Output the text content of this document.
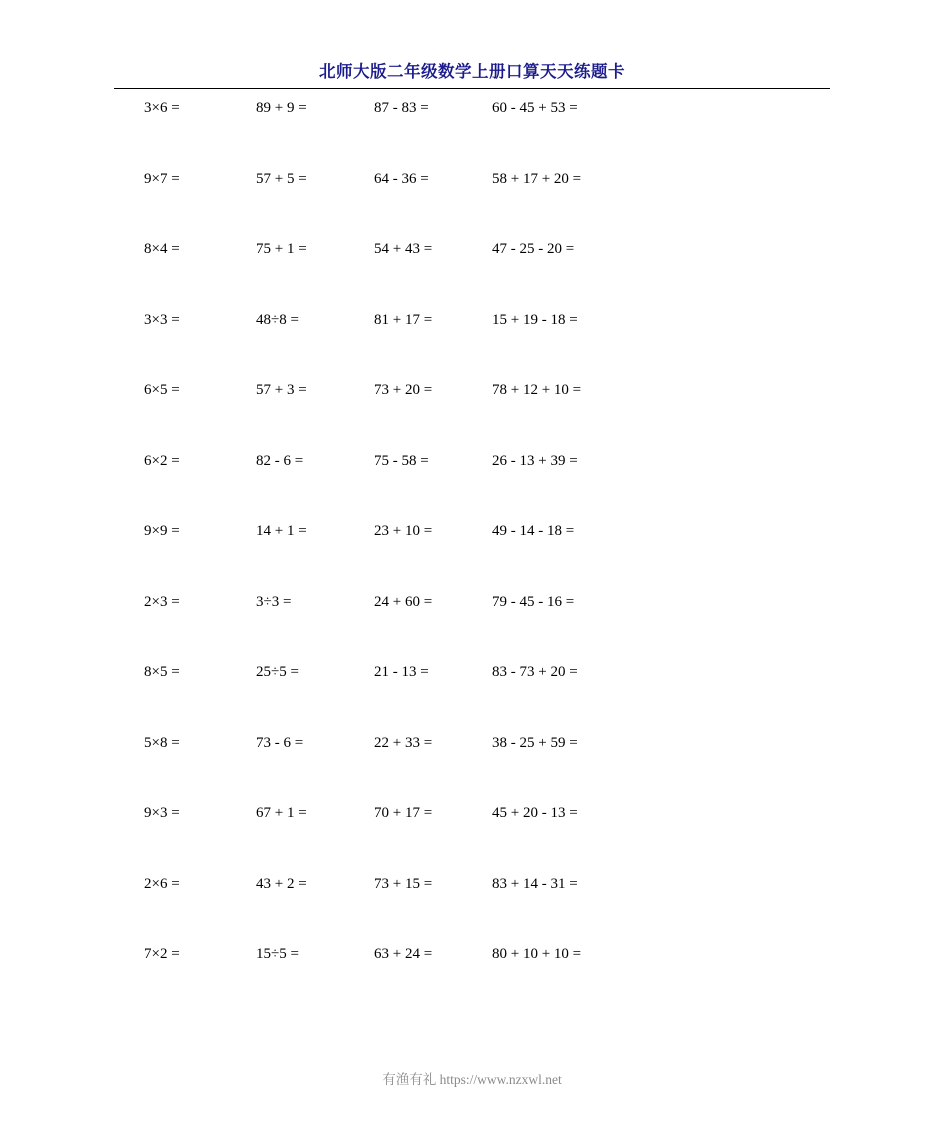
北师大版二年级数学上册口算天天练题卡
3×6 =	89 + 9 =	87 - 83 =	60 - 45 + 53 =
9×7 =	57 + 5 =	64 - 36 =	58 + 17 + 20 =
8×4 =	75 + 1 =	54 + 43 =	47 - 25 - 20 =
3×3 =	48÷8 =	81 + 17 =	15 + 19 - 18 =
6×5 =	57 + 3 =	73 + 20 =	78 + 12 + 10 =
6×2 =	82 - 6 =	75 - 58 =	26 - 13 + 39 =
9×9 =	14 + 1 =	23 + 10 =	49 - 14 - 18 =
2×3 =	3÷3 =	24 + 60 =	79 - 45 - 16 =
8×5 =	25÷5 =	21 - 13 =	83 - 73 + 20 =
5×8 =	73 - 6 =	22 + 33 =	38 - 25 + 59 =
9×3 =	67 + 1 =	70 + 17 =	45 + 20 - 13 =
2×6 =	43 + 2 =	73 + 15 =	83 + 14 - 31 =
7×2 =	15÷5 =	63 + 24 =	80 + 10 + 10 =
有渔有礼 https://www.nzxwl.net
